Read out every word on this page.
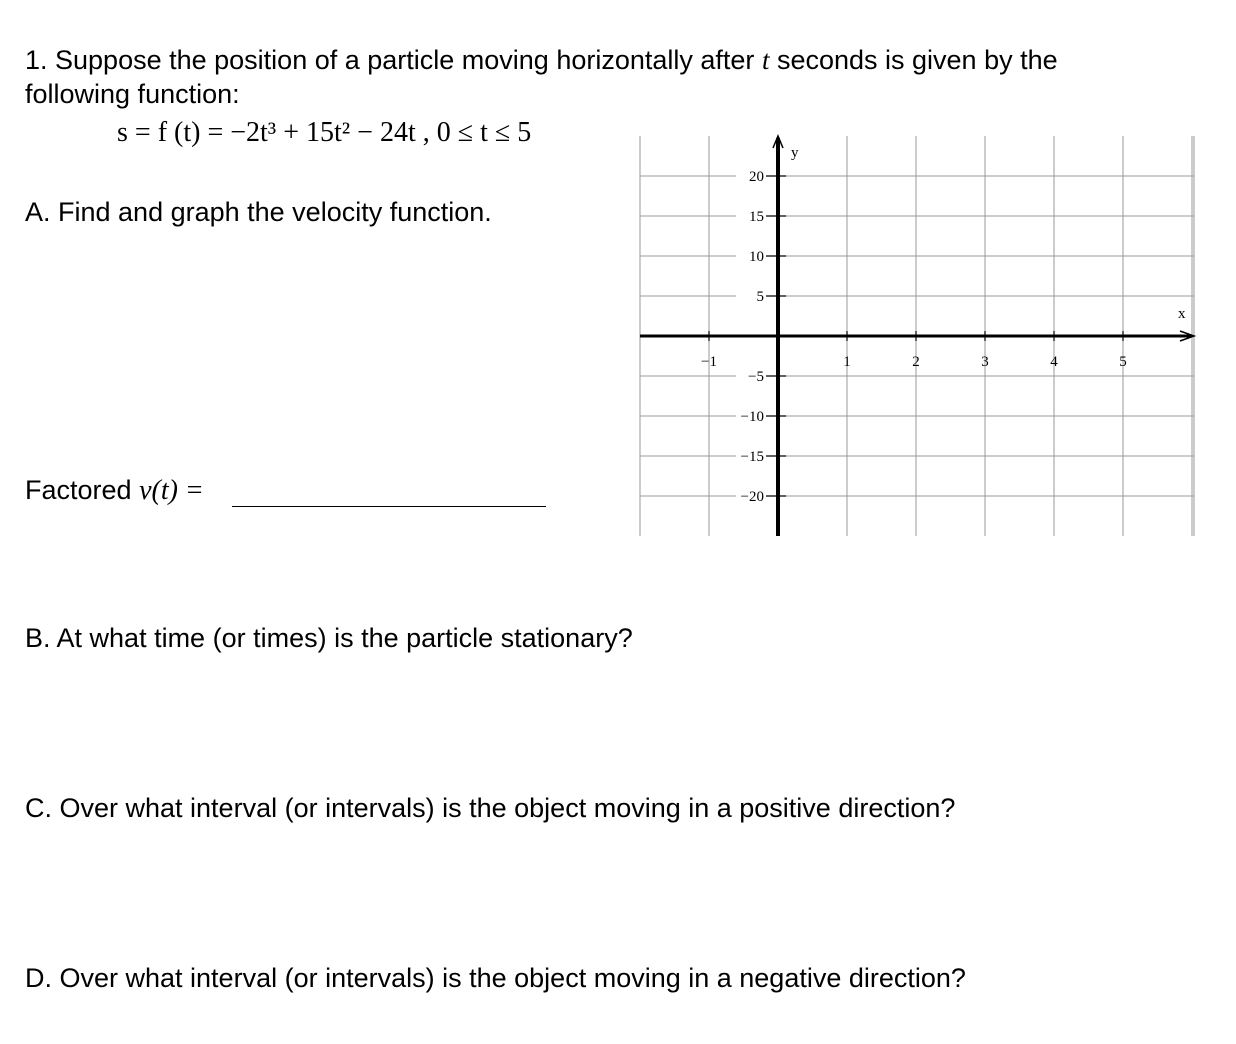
1. Suppose the position of a particle moving horizontally after t seconds is given by the
following function:
s = f (t) = −2t³ + 15t² − 24t , 0 ≤ t ≤ 5
A. Find and graph the velocity function.
Factored v(t) =
B. At what time (or times) is the particle stationary?
C. Over what interval (or intervals) is the object moving in a positive direction?
D. Over what interval (or intervals) is the object moving in a negative direction?
y
x
−1	1	2	3	4	5
20
15
10
5
−5
−10
−15
−20
